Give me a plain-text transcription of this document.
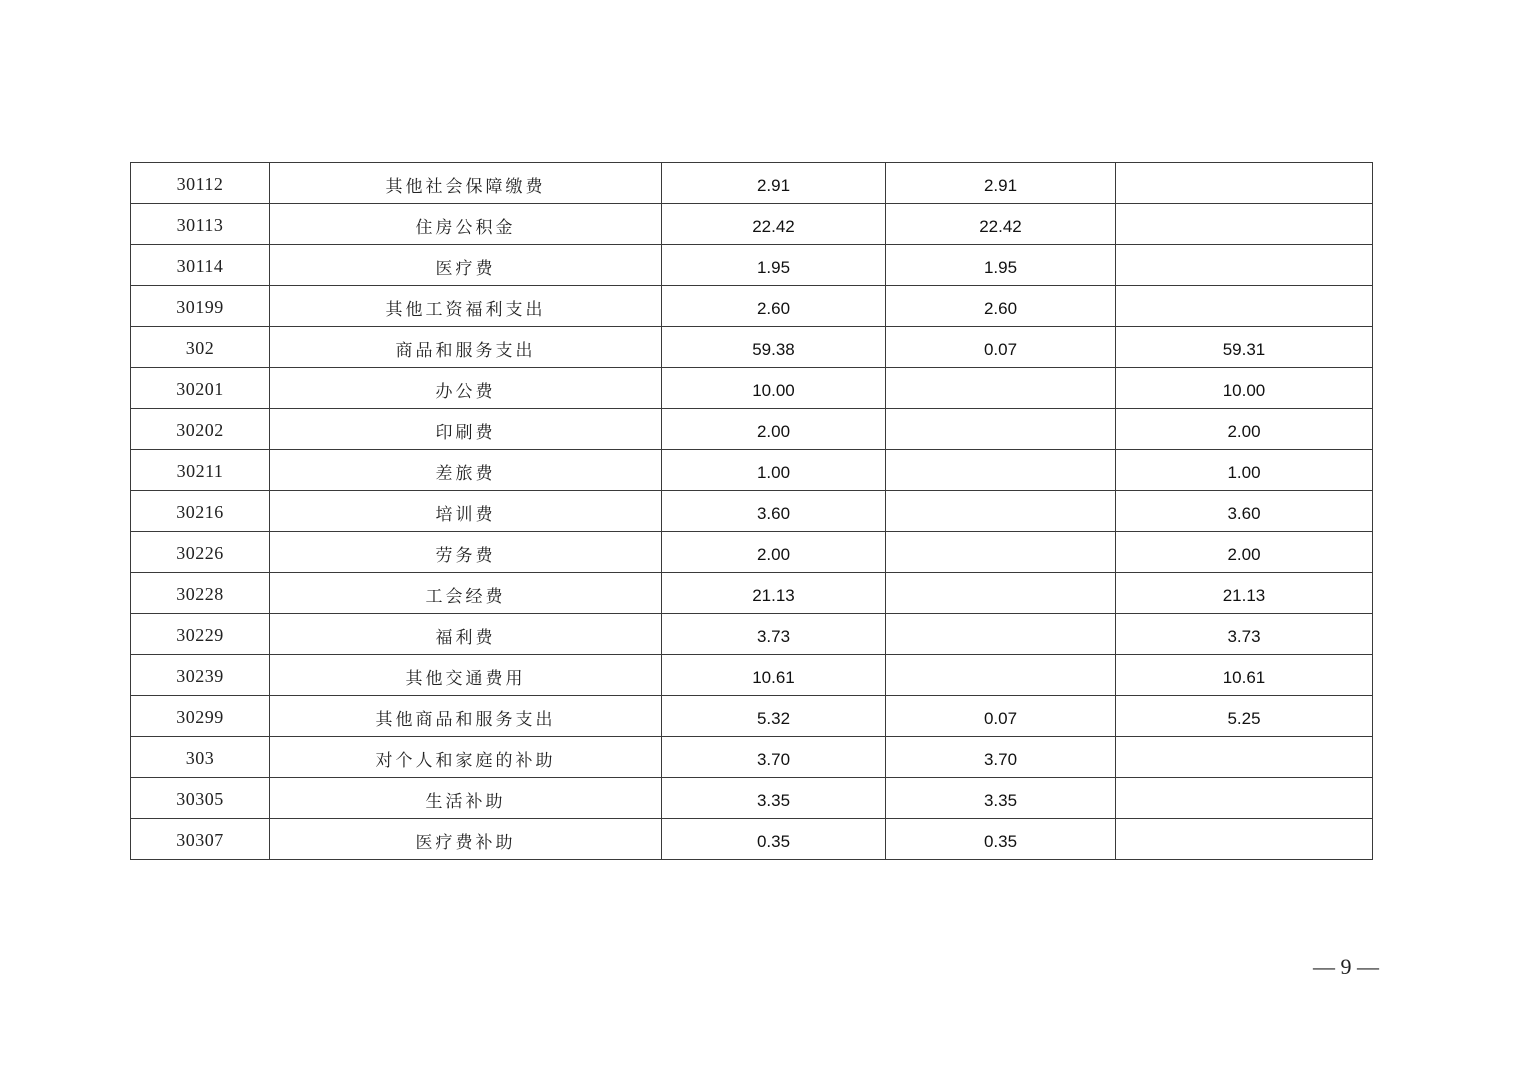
30112	其他社会保障缴费	2.91	2.91	
30113	住房公积金	22.42	22.42	
30114	医疗费	1.95	1.95	
30199	其他工资福利支出	2.60	2.60	
302	商品和服务支出	59.38	0.07	59.31
30201	办公费	10.00		10.00
30202	印刷费	2.00		2.00
30211	差旅费	1.00		1.00
30216	培训费	3.60		3.60
30226	劳务费	2.00		2.00
30228	工会经费	21.13		21.13
30229	福利费	3.73		3.73
30239	其他交通费用	10.61		10.61
30299	其他商品和服务支出	5.32	0.07	5.25
303	对个人和家庭的补助	3.70	3.70	
30305	生活补助	3.35	3.35	
30307	医疗费补助	0.35	0.35	
— 9 —
